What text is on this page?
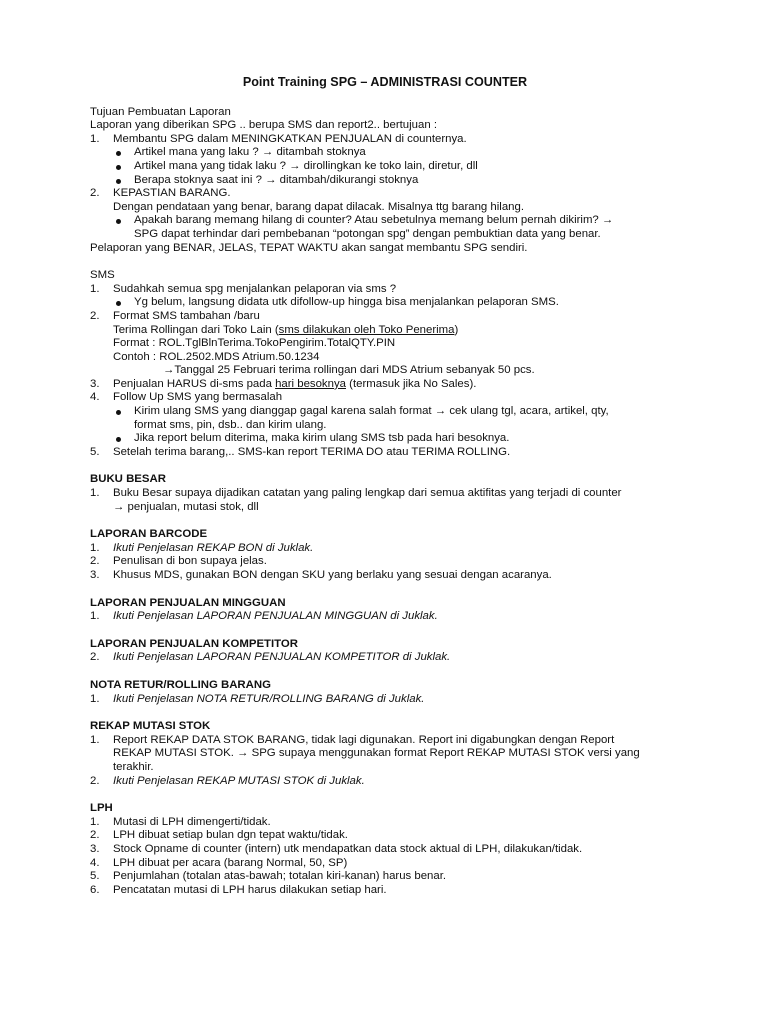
Point Training SPG – ADMINISTRASI COUNTER
Tujuan Pembuatan Laporan
Laporan yang diberikan SPG .. berupa SMS dan report2.. bertujuan :
1. Membantu SPG dalam MENINGKATKAN PENJUALAN di counternya.
Artikel mana yang laku ? → ditambah stoknya
Artikel mana yang tidak laku ? → dirollingkan ke toko lain, diretur, dll
Berapa stoknya saat ini ? → ditambah/dikurangi stoknya
2. KEPASTIAN BARANG.
Dengan pendataan yang benar, barang dapat dilacak. Misalnya ttg barang hilang.
Apakah barang memang hilang di counter? Atau sebetulnya memang belum pernah dikirim? →
SPG dapat terhindar dari pembebanan “potongan spg” dengan pembuktian data yang benar.
Pelaporan yang BENAR, JELAS, TEPAT WAKTU akan sangat membantu SPG sendiri.
SMS
1. Sudahkah semua spg menjalankan pelaporan via sms ?
Yg belum, langsung didata utk difollow-up hingga bisa menjalankan pelaporan SMS.
2. Format SMS tambahan /baru
Terima Rollingan dari Toko Lain (sms dilakukan oleh Toko Penerima)
Format : ROL.TglBlnTerima.TokoPengirim.TotalQTY.PIN
Contoh : ROL.2502.MDS Atrium.50.1234
→Tanggal 25 Februari terima rollingan dari MDS Atrium sebanyak 50 pcs.
3. Penjualan HARUS di-sms pada hari besoknya (termasuk jika No Sales).
4. Follow Up SMS yang bermasalah
Kirim ulang SMS yang dianggap gagal karena salah format → cek ulang tgl, acara, artikel, qty,
format sms, pin, dsb.. dan kirim ulang.
Jika report belum diterima, maka kirim ulang SMS tsb pada hari besoknya.
5. Setelah terima barang,.. SMS-kan report TERIMA DO atau TERIMA ROLLING.
BUKU BESAR
1. Buku Besar supaya dijadikan catatan yang paling lengkap dari semua aktifitas yang terjadi di counter
→ penjualan, mutasi stok, dll
LAPORAN BARCODE
1. Ikuti Penjelasan REKAP BON di Juklak.
2. Penulisan di bon supaya jelas.
3. Khusus MDS, gunakan BON dengan SKU yang berlaku yang sesuai dengan acaranya.
LAPORAN PENJUALAN MINGGUAN
1. Ikuti Penjelasan LAPORAN PENJUALAN MINGGUAN di Juklak.
LAPORAN PENJUALAN KOMPETITOR
2. Ikuti Penjelasan LAPORAN PENJUALAN KOMPETITOR di Juklak.
NOTA RETUR/ROLLING BARANG
1. Ikuti Penjelasan NOTA RETUR/ROLLING BARANG di Juklak.
REKAP MUTASI STOK
1. Report REKAP DATA STOK BARANG, tidak lagi digunakan. Report ini digabungkan dengan Report
REKAP MUTASI STOK. → SPG supaya menggunakan format Report REKAP MUTASI STOK versi yang
terakhir.
2. Ikuti Penjelasan REKAP MUTASI STOK di Juklak.
LPH
1. Mutasi di LPH dimengerti/tidak.
2. LPH dibuat setiap bulan dgn tepat waktu/tidak.
3. Stock Opname di counter (intern) utk mendapatkan data stock aktual di LPH, dilakukan/tidak.
4. LPH dibuat per acara (barang Normal, 50, SP)
5. Penjumlahan (totalan atas-bawah; totalan kiri-kanan) harus benar.
6. Pencatatan mutasi di LPH harus dilakukan setiap hari.
